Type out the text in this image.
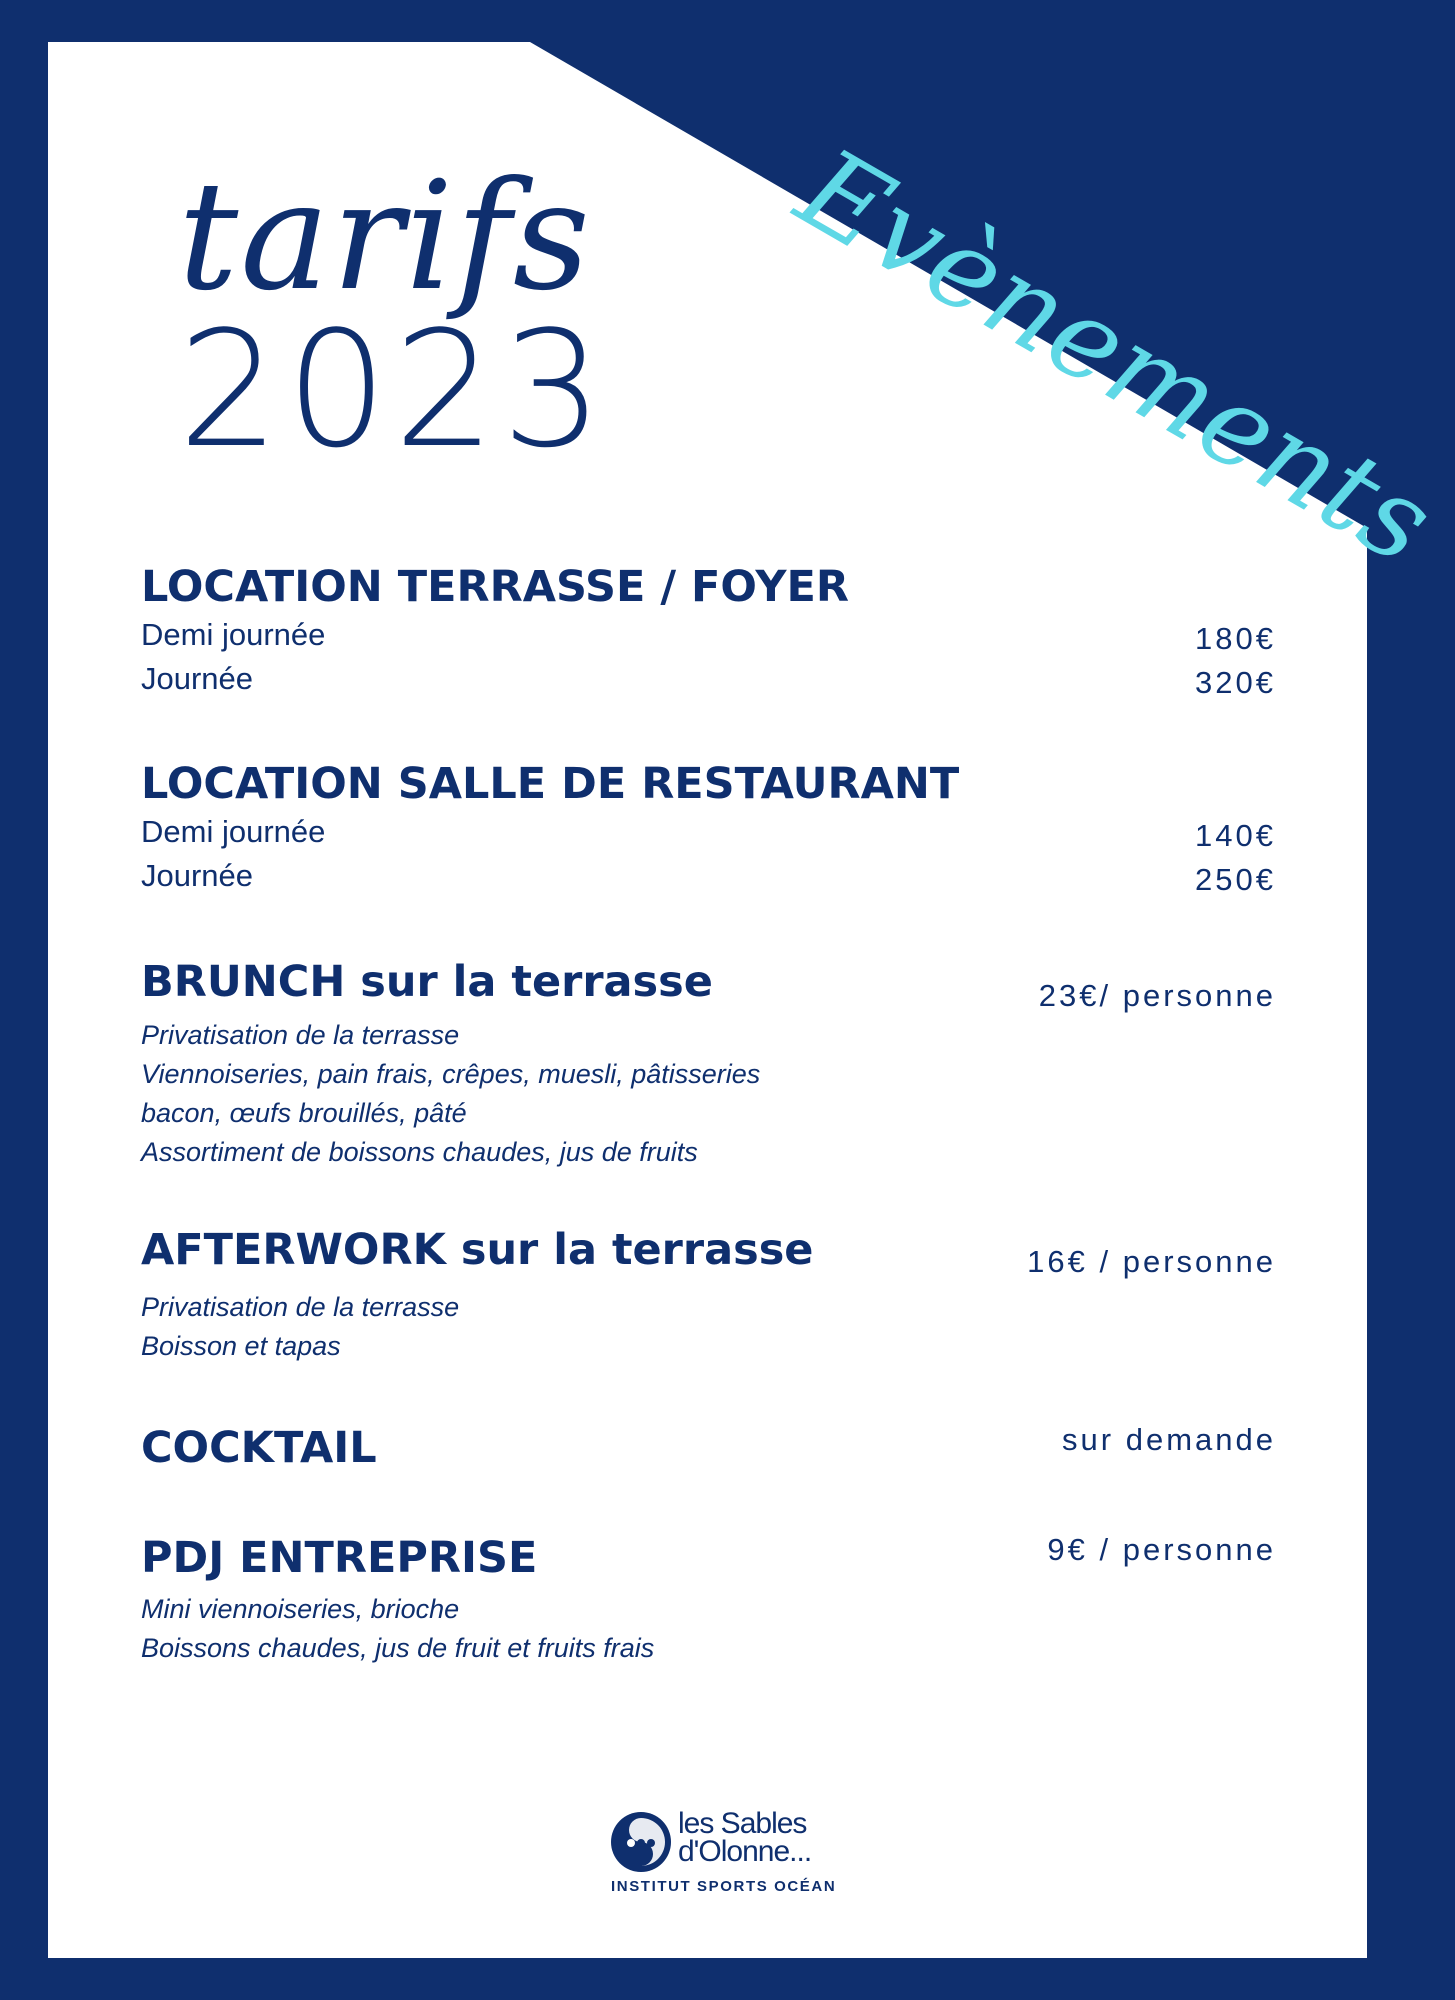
tarifs
2023 Evènements
LOCATION TERRASSE / FOYER
Demi journée	180€
Journée	320€
LOCATION SALLE DE RESTAURANT
Demi journée	140€
Journée	250€
BRUNCH sur la terrasse	23€/ personne
Privatisation de la terrasse
Viennoiseries, pain frais, crêpes, muesli, pâtisseries
bacon, œufs brouillés, pâté
Assortiment de boissons chaudes, jus de fruits
AFTERWORK sur la terrasse	16€ / personne
Privatisation de la terrasse
Boisson et tapas
COCKTAIL	sur demande
PDJ ENTREPRISE	9€ / personne
Mini viennoiseries, brioche
Boissons chaudes, jus de fruit et fruits frais
les Sables
d'Olonne...
INSTITUT SPORTS OCÉAN
